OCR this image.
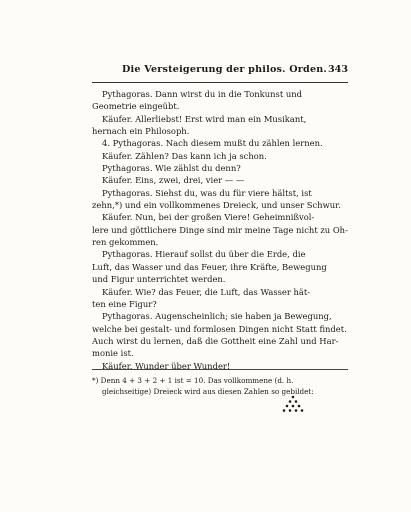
Die Versteigerung der philos. Orden. 343
Pythagoras. Dann wirst du in die Tonkunst und
Geometrie eingeübt.
Käufer. Allerliebst! Erst wird man ein Musikant,
hernach ein Philosoph.
4. Pythagoras. Nach diesem mußt du zählen lernen.
Käufer. Zählen? Das kann ich ja schon.
Pythagoras. Wie zählst du denn?
Käufer. Eins, zwei, drei, vier — —
Pythagoras. Siehst du, was du für viere hältst, ist
zehn,*) und ein vollkommenes Dreieck, und unser Schwur.
Käufer. Nun, bei der großen Viere! Geheimnißvol-
lere und göttlichere Dinge sind mir meine Tage nicht zu Oh-
ren gekommen.
Pythagoras. Hierauf sollst du über die Erde, die
Luft, das Wasser und das Feuer, ihre Kräfte, Bewegung
und Figur unterrichtet werden.
Käufer. Wie? das Feuer, die Luft, das Wasser hät-
ten eine Figur?
Pythagoras. Augenscheinlich; sie haben ja Bewegung,
welche bei gestalt- und formlosen Dingen nicht Statt findet.
Auch wirst du lernen, daß die Gottheit eine Zahl und Har-
monie ist.
Käufer. Wunder über Wunder!
*) Denn 4 + 3 + 2 + 1 ist = 10. Das vollkommene (d. h.
gleichseitige) Dreieck wird aus diesen Zahlen so gebildet:
